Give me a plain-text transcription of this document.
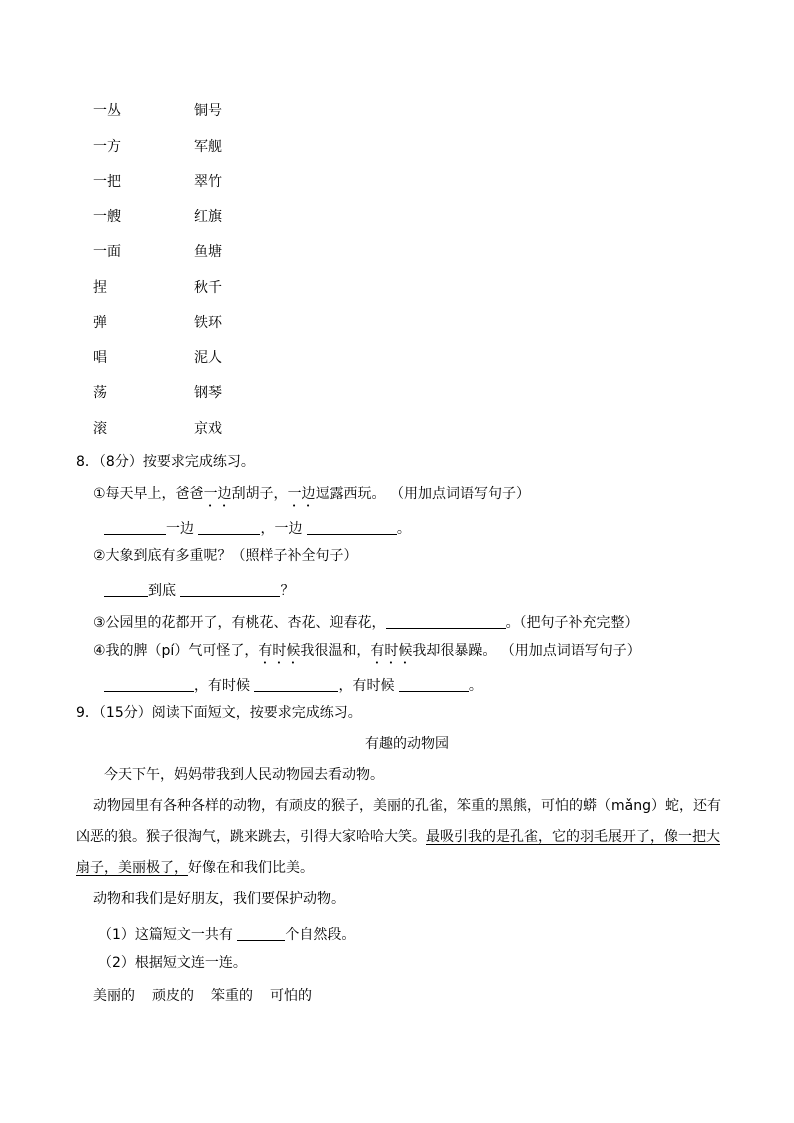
一丛	铜号
一方	军舰
一把	翠竹
一艘	红旗
一面	鱼塘
捏	秋千
弹	铁环
唱	泥人
荡	钢琴
滚	京戏
8．（8分）按要求完成练习。
①每天早上，爸爸一边刮胡子，一边逗露西玩。 （用加点词语写句子）
一边	，一边	。
②大象到底有多重呢？（照样子补全句子）
到底	？
③公园里的花都开了，有桃花、杏花、迎春花，	。（把句子补充完整）
④我的脾（pí）气可怪了，有时候我很温和，有时候我却很暴躁。 （用加点词语写句子）
，有时候	，有时候	。
9．（15分）阅读下面短文，按要求完成练习。
有趣的动物园
今天下午，妈妈带我到人民动物园去看动物。
动物园里有各种各样的动物，有顽皮的猴子，美丽的孔雀，笨重的黑熊，可怕的蟒（mǎng）蛇，还有
凶恶的狼。猴子很淘气，跳来跳去，引得大家哈哈大笑。最吸引我的是孔雀，它的羽毛展开了，像一把大
扇子，美丽极了，好像在和我们比美。
动物和我们是好朋友，我们要保护动物。
（1）这篇短文一共有	个自然段。
（2）根据短文连一连。
美丽的 顽皮的 笨重的 可怕的
